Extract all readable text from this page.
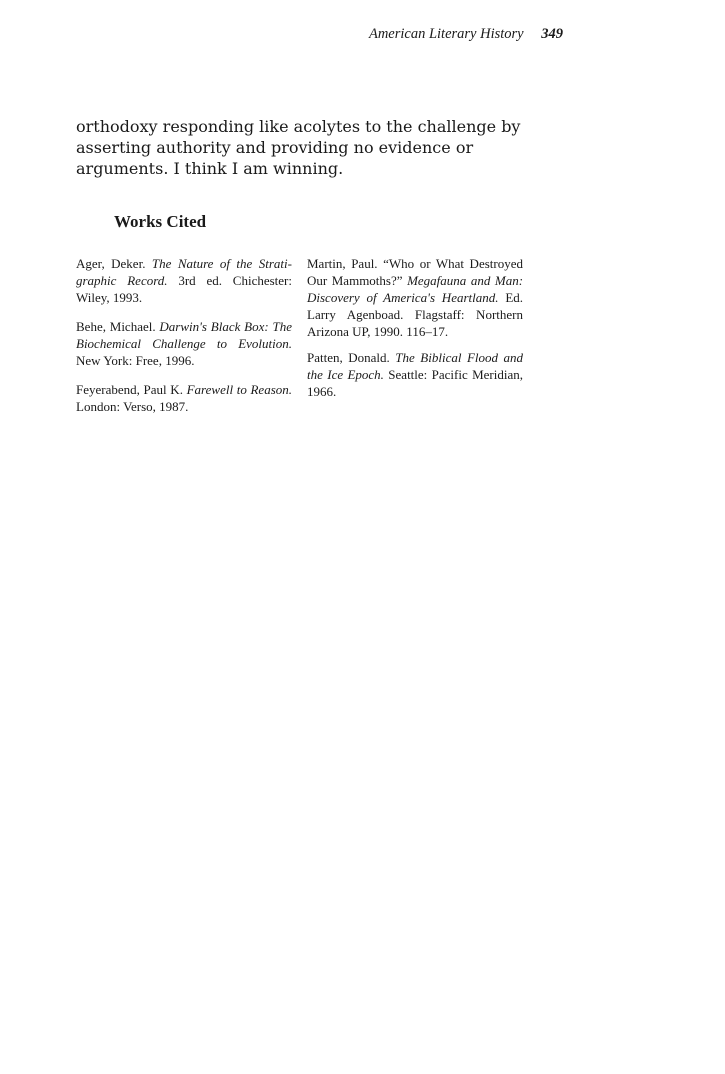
American Literary History 349

orthodoxy responding like acolytes to the challenge by asserting authority and providing no evidence or arguments. I think I am winning.

Works Cited

Ager, Deker. The Nature of the Stratigraphic Record. 3rd ed. Chichester: Wiley, 1993.

Behe, Michael. Darwin's Black Box: The Biochemical Challenge to Evolution. New York: Free, 1996.

Feyerabend, Paul K. Farewell to Reason. London: Verso, 1987.

Martin, Paul. “Who or What Destroyed Our Mammoths?” Megafauna and Man: Discovery of America's Heartland. Ed. Larry Agenboad. Flagstaff: Northern Arizona UP, 1990. 116–17.

Patten, Donald. The Biblical Flood and the Ice Epoch. Seattle: Pacific Meridian, 1966.
